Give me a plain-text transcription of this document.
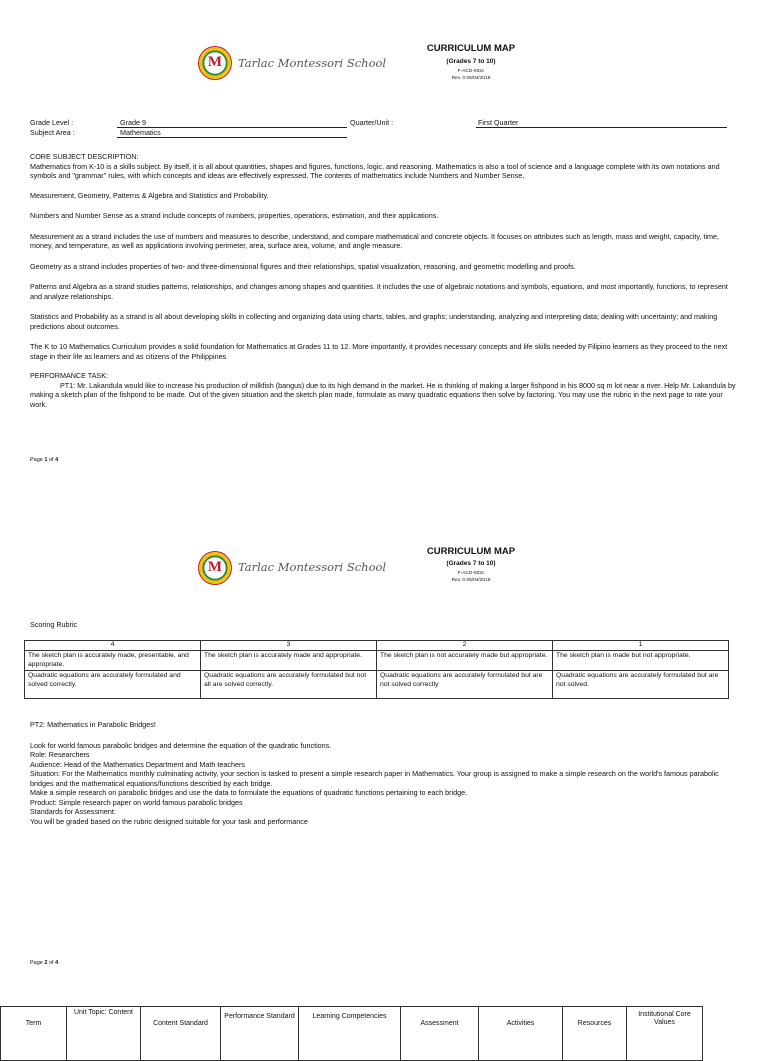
M	Tarlac Montessori School
CURRICULUM MAP
(Grades 7 to 10)
F-ACD-002c
Rev. 0 06/04/2019
Grade Level :	Grade 9
Subject Area :	Mathematics
Quarter/Unit :	First Quarter
CORE SUBJECT DESCRIPTION:
Mathematics from K-10 is a skills subject. By itself, it is all about quantities, shapes and figures, functions, logic, and reasoning. Mathematics is also a tool of science and a language complete with its own notations and symbols and "grammar" rules, with which concepts and ideas are effectively expressed. The contents of mathematics include Numbers and Number Sense,
Measurement, Geometry, Patterns & Algebra and Statistics and Probability.
Numbers and Number Sense as a strand include concepts of numbers, properties, operations, estimation, and their applications.
Measurement as a strand includes the use of numbers and measures to describe, understand, and compare mathematical and concrete objects. It focuses on attributes such as length, mass and weight, capacity, time, money, and temperature, as well as applications involving perimeter, area, surface area, volume, and angle measure.
Geometry as a strand includes properties of two- and three-dimensional figures and their relationships, spatial visualization, reasoning, and geometric modelling and proofs.
Patterns and Algebra as a strand studies patterns, relationships, and changes among shapes and quantities. It includes the use of algebraic notations and symbols, equations, and most importantly, functions, to represent and analyze relationships.
Statistics and Probability as a strand is all about developing skills in collecting and organizing data using charts, tables, and graphs; understanding, analyzing and interpreting data; dealing with uncertainty; and making predictions about outcomes.
The K to 10 Mathematics Curriculum provides a solid foundation for Mathematics at Grades 11 to 12. More importantly, it provides necessary concepts and life skills needed by Filipino learners as they proceed to the next stage in their life as learners and as citizens of the Philippines
PERFORMANCE TASK:
PT1: Mr. Lakandula would like to increase his production of milkfish (bangus) due to its high demand in the market. He is thinking of making a larger fishpond in his 8000 sq m lot near a river. Help Mr. Lakandula by making a sketch plan of the fishpond to be made. Out of the given situation and the sketch plan made, formulate as many quadratic equations then solve by factoring. You may use the rubric in the next page to rate your work.
Page 1 of 4
M	Tarlac Montessori School
CURRICULUM MAP
(Grades 7 to 10)
F-ACD-002c
Rev. 0 06/04/2019
Scoring Rubric
4	3	2	1
The sketch plan is accurately made, presentable, and appropriate.	The sketch plan is accurately made and appropriate.	The sketch plan is not accurately made but appropriate.	The sketch plan is made but not appropriate.
Quadratic equations are accurately formulated and solved correctly.	Quadratic equations are accurately formulated but not all are solved correctly.	Quadratic equations are accurately formulated but are not solved correctly	Quadratic equations are accurately formulated but are not solved.
PT2: Mathematics in Parabolic Bridges!
Look for world famous parabolic bridges and determine the equation of the quadratic functions.
Role: Researchers
Audience: Head of the Mathematics Department and Math teachers
Situation: For the Mathematics monthly culminating activity, your section is tasked to present a simple research paper in Mathematics. Your group is assigned to make a simple research on the world's famous parabolic bridges and the mathematical equations/functions described by each bridge.
Make a simple research on parabolic bridges and use the data to formulate the equations of quadratic functions pertaining to each bridge.
Product: Simple research paper on world famous parabolic bridges
Standards for Assessment:
You will be graded based on the rubric designed suitable for your task and performance
Page 2 of 4
Term	Unit Topic: Content	Content Standard	Performance Standard	Learning Competencies	Assessment	Activities	Resources	Institutional Core Values
